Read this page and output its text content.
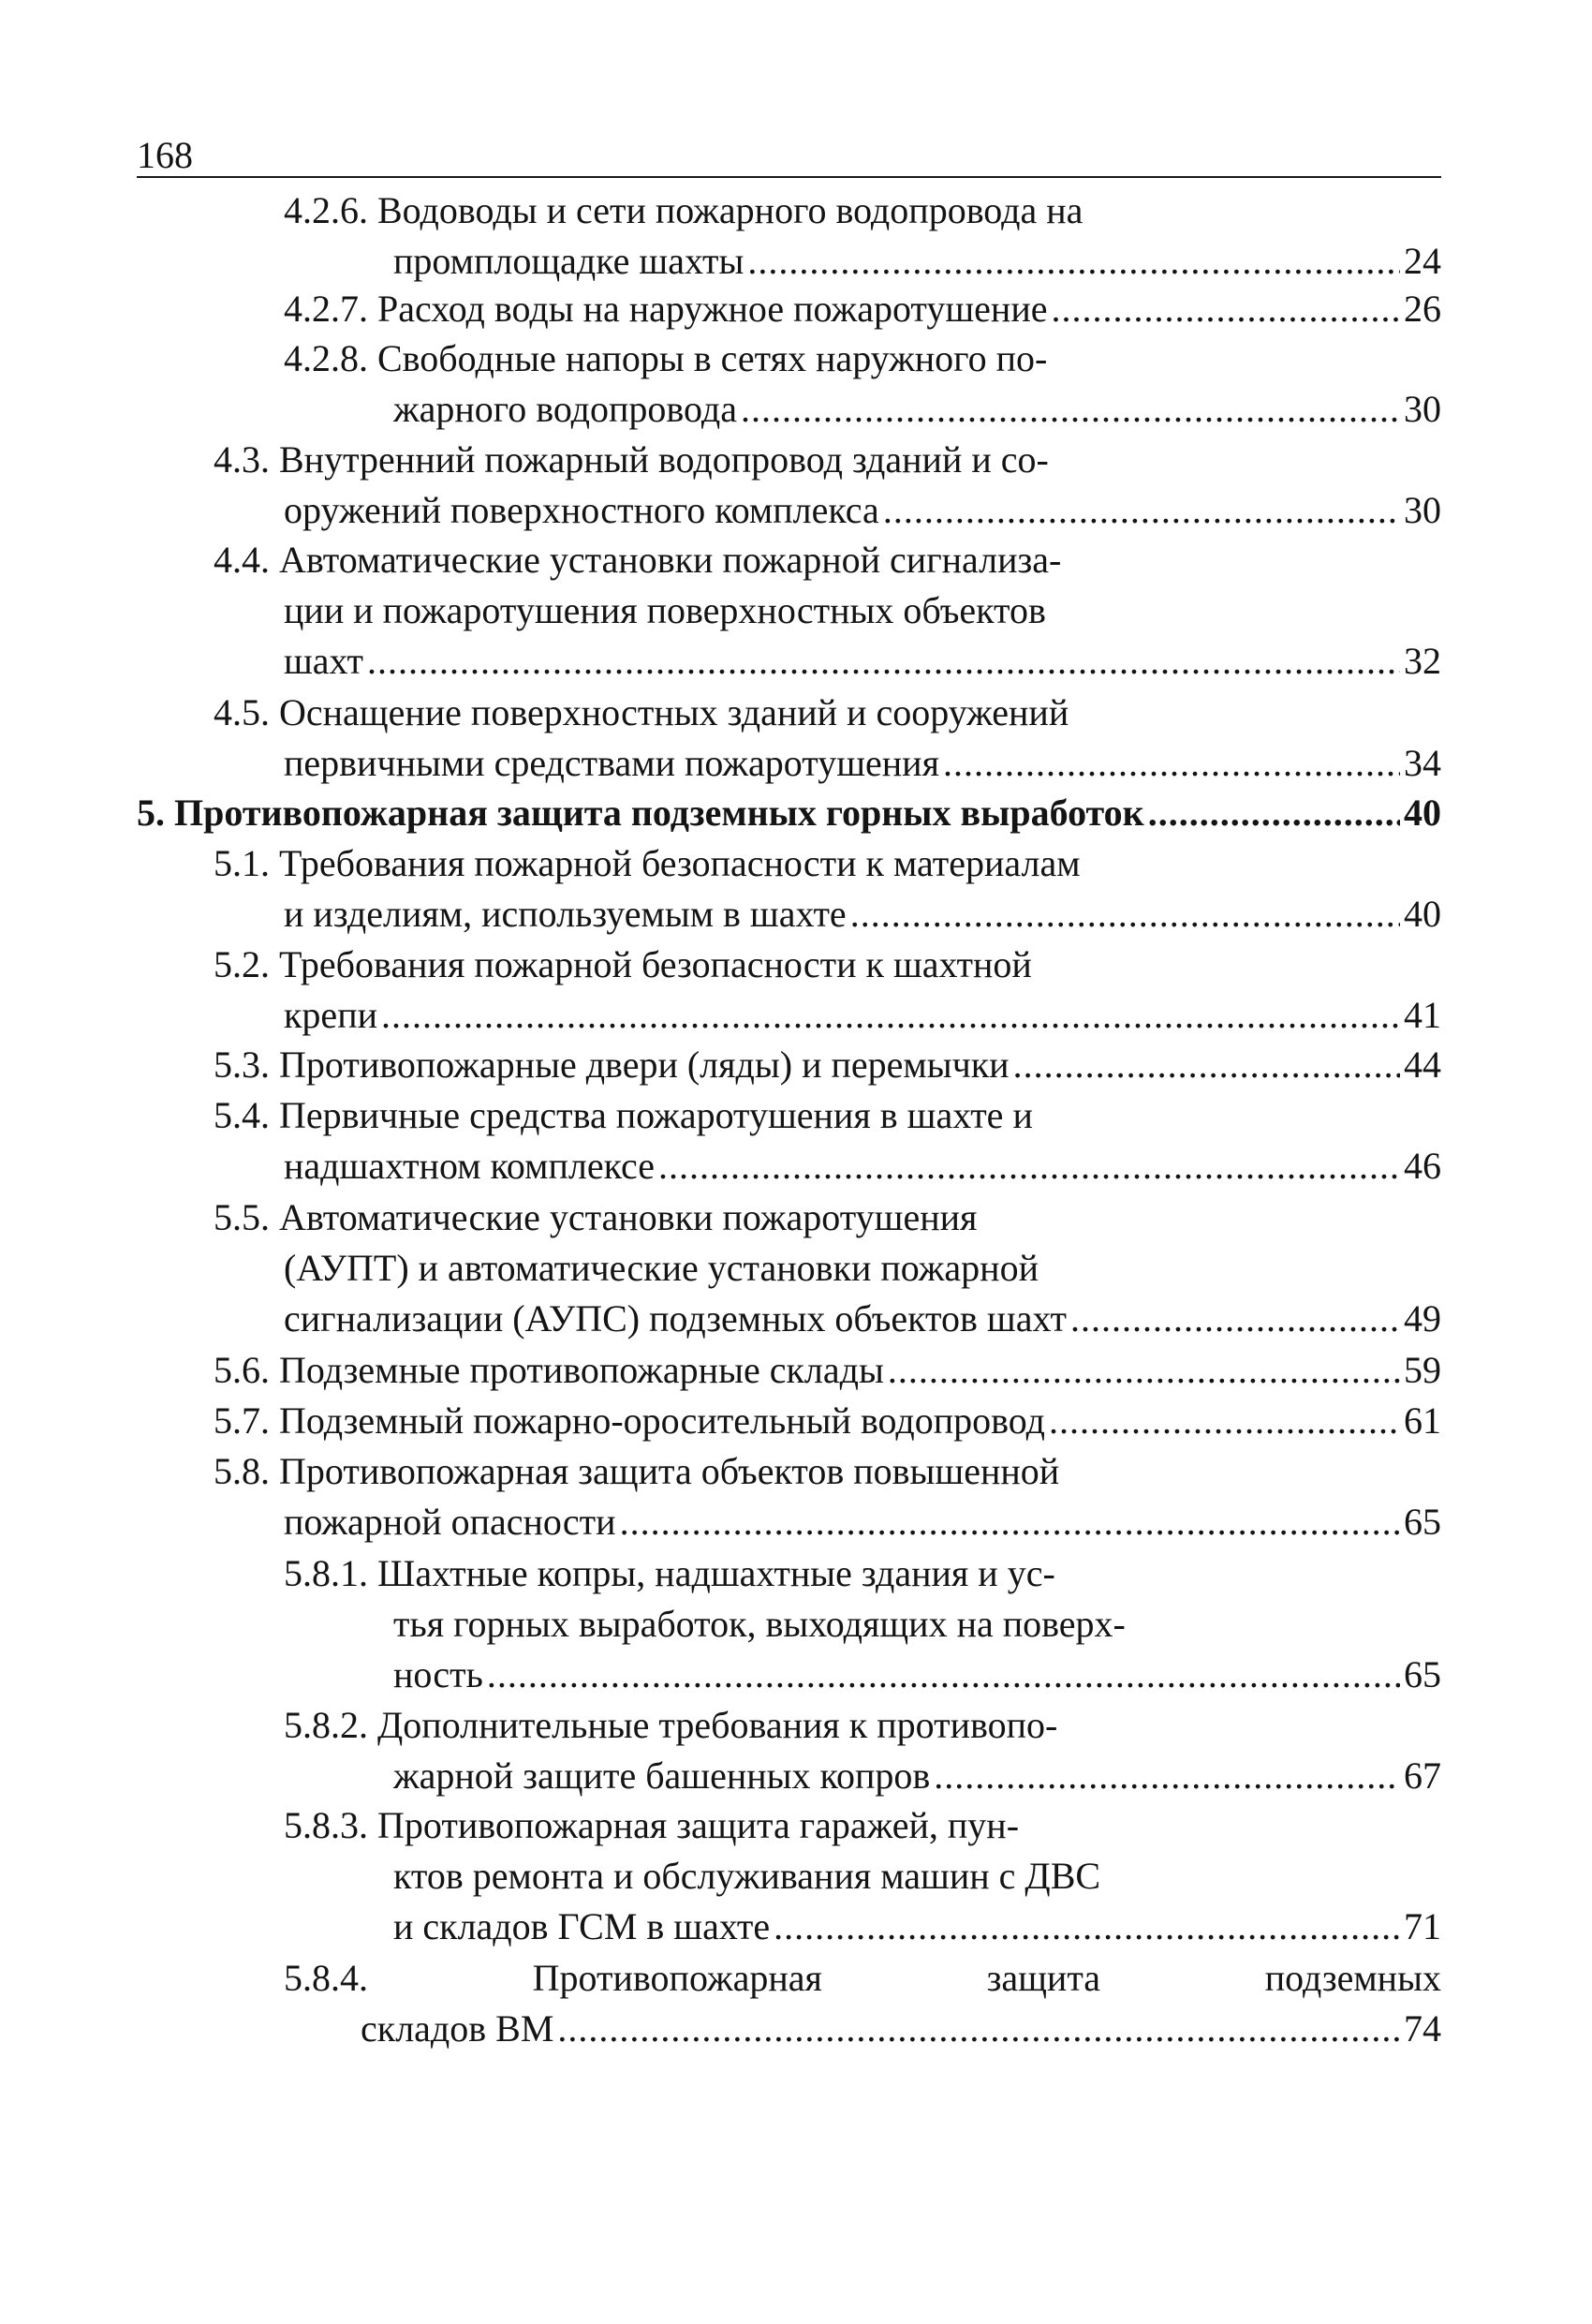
168
4.2.6. Водоводы и сети пожарного водопровода на
промплощадке шахты .....	24
4.2.7. Расход воды на наружное пожаротушение .....	26
4.2.8. Свободные напоры в сетях наружного по-
жарного водопровода .....	30
4.3. Внутренний пожарный водопровод зданий и со-
оружений поверхностного комплекса .....	30
4.4. Автоматические установки пожарной сигнализа-
ции и пожаротушения поверхностных объектов
шахт .....	32
4.5. Оснащение поверхностных зданий и сооружений
первичными средствами пожаротушения .....	34
5. Противопожарная защита подземных горных выработок .....	40
5.1. Требования пожарной безопасности к материалам
и изделиям, используемым в шахте .....	40
5.2. Требования пожарной безопасности к шахтной
крепи .....	41
5.3. Противопожарные двери (ляды) и перемычки .....	44
5.4. Первичные средства пожаротушения в шахте и
надшахтном комплексе .....	46
5.5. Автоматические установки пожаротушения
(АУПТ) и автоматические установки пожарной
сигнализации (АУПС) подземных объектов шахт .....	49
5.6. Подземные противопожарные склады .....	59
5.7. Подземный пожарно-оросительный водопровод .....	61
5.8. Противопожарная защита объектов повышенной
пожарной опасности .....	65
5.8.1. Шахтные копры, надшахтные здания и ус-
тья горных выработок, выходящих на поверх-
ность .....	65
5.8.2. Дополнительные требования к противопо-
жарной защите башенных копров .....	67
5.8.3. Противопожарная защита гаражей, пун-
ктов ремонта и обслуживания машин с ДВС
и складов ГСМ в шахте .....	71
5.8.4.	Противопожарная	защита	подземных
складов ВМ .....	74
